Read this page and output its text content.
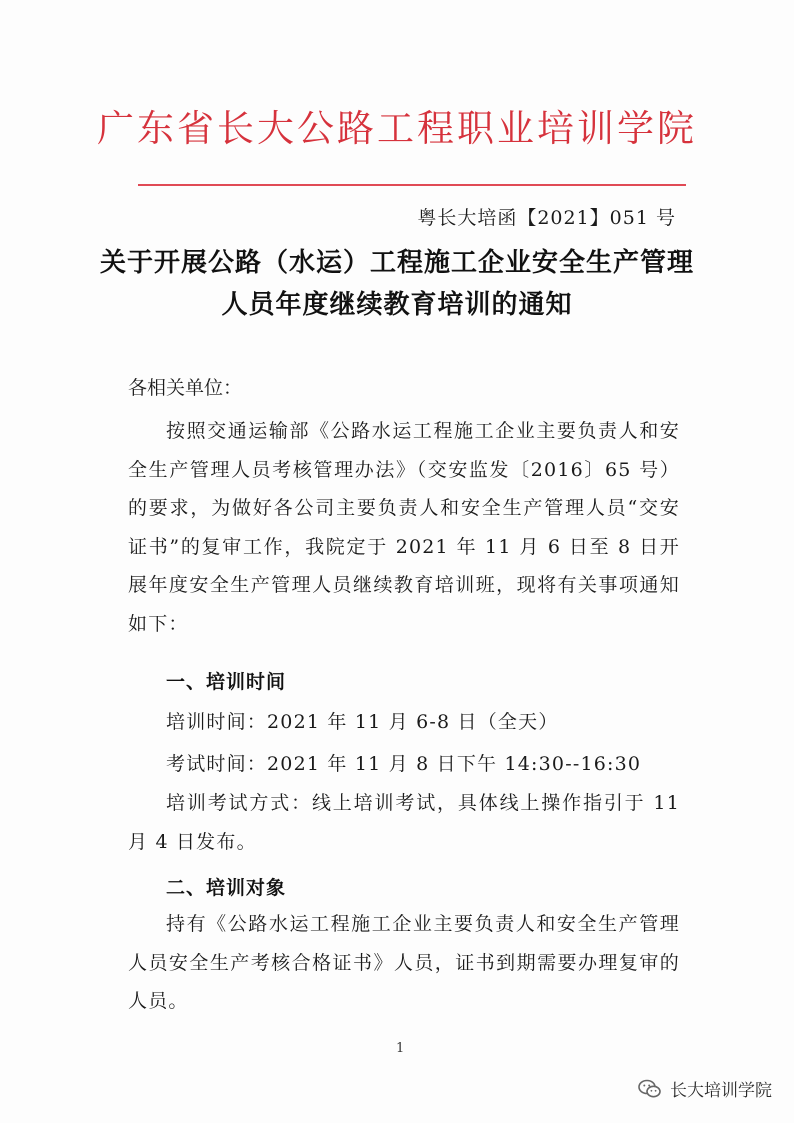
广东省长大公路工程职业培训学院
粤长大培函【2021】051 号
关于开展公路（水运）工程施工企业安全生产管理人员年度继续教育培训的通知
各相关单位：
按照交通运输部《公路水运工程施工企业主要负责人和安全生产管理人员考核管理办法》（交安监发〔2016〕65 号）的要求，为做好各公司主要负责人和安全生产管理人员“交安证书”的复审工作，我院定于 2021 年 11 月 6 日至 8 日开展年度安全生产管理人员继续教育培训班，现将有关事项通知如下：
一、培训时间
培训时间：2021 年 11 月 6-8 日（全天）
考试时间：2021 年 11 月 8 日下午 14:30--16:30
培训考试方式：线上培训考试，具体线上操作指引于 11 月 4 日发布。
二、培训对象
持有《公路水运工程施工企业主要负责人和安全生产管理人员安全生产考核合格证书》人员，证书到期需要办理复审的人员。
1
长大培训学院
